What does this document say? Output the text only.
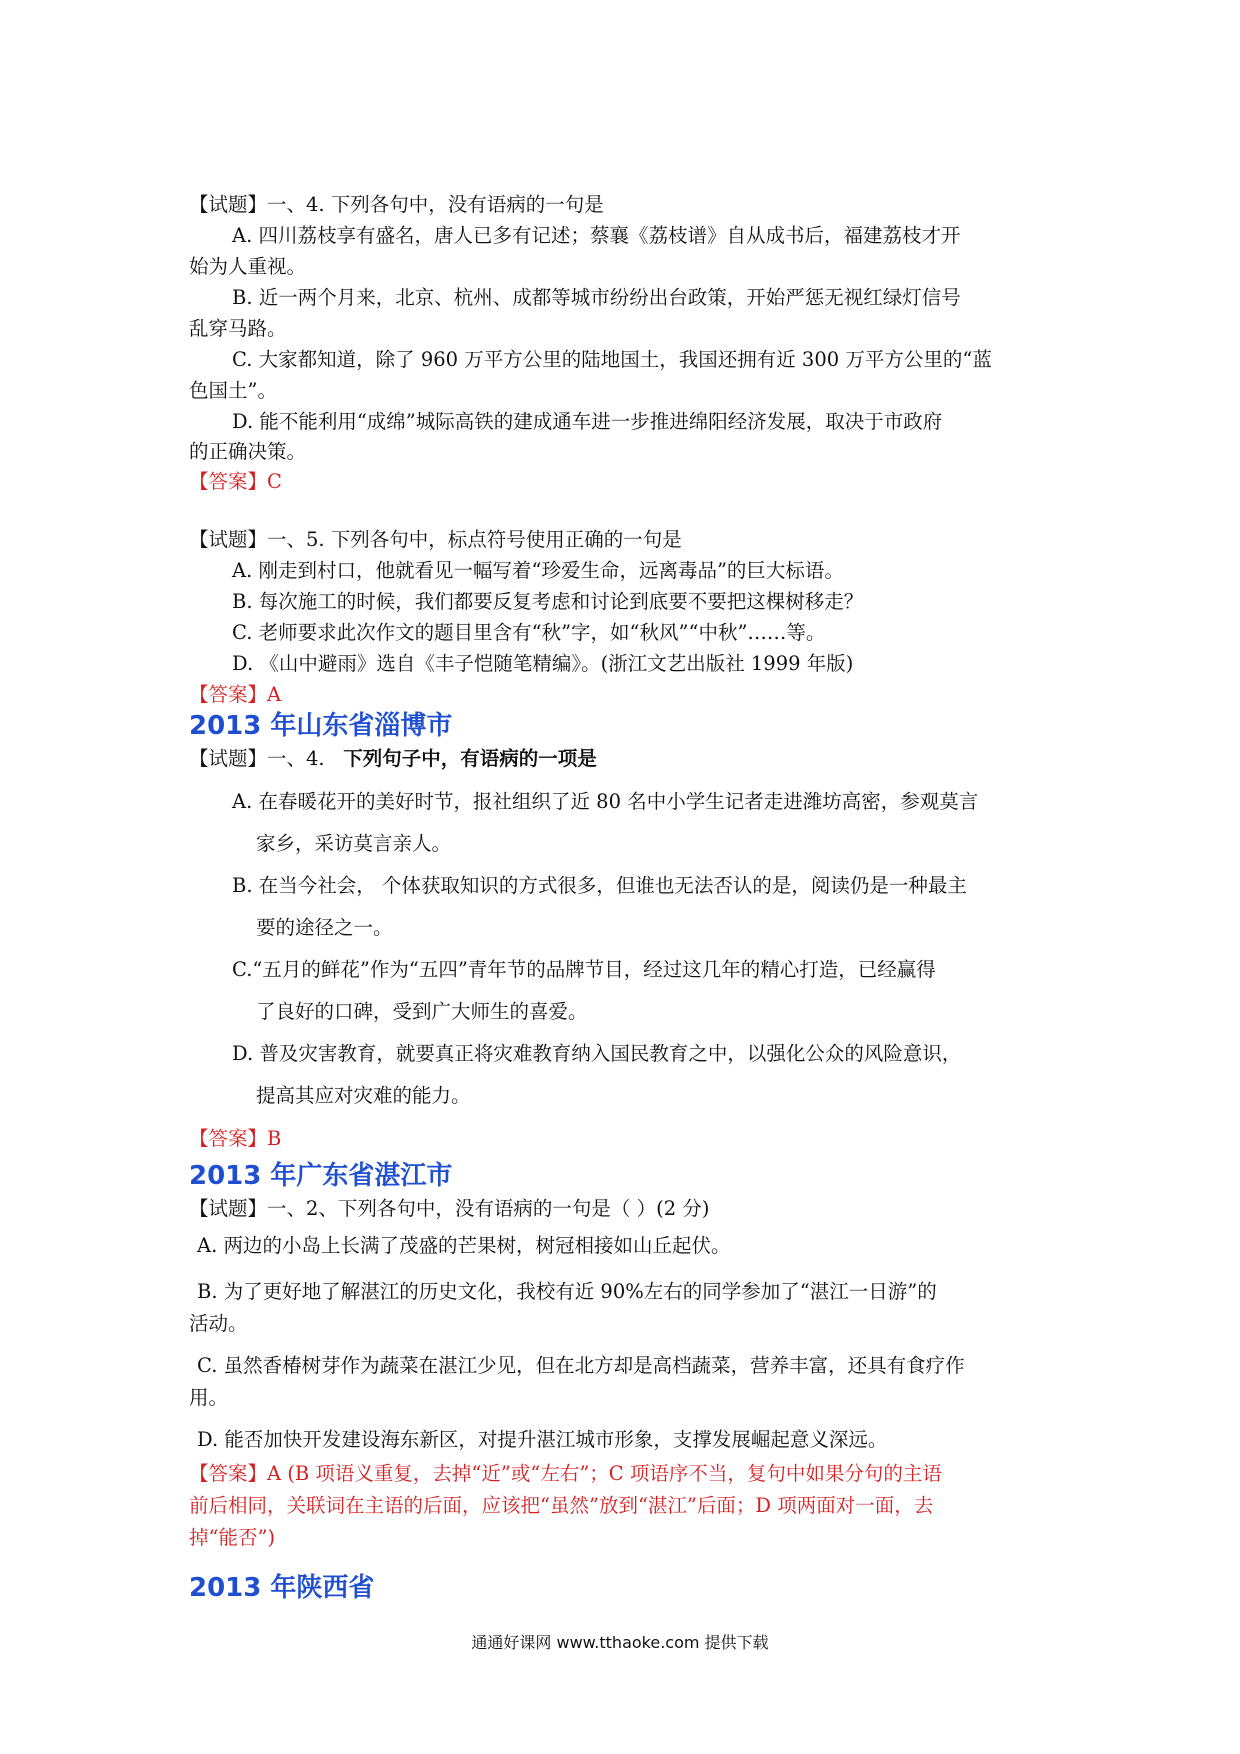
【试题】一、4. 下列各句中，没有语病的一句是
A. 四川荔枝享有盛名，唐人已多有记述；蔡襄《荔枝谱》自从成书后，福建荔枝才开
始为人重视。
B. 近一两个月来，北京、杭州、成都等城市纷纷出台政策，开始严惩无视红绿灯信号
乱穿马路。
C. 大家都知道，除了 960 万平方公里的陆地国土，我国还拥有近 300 万平方公里的“蓝
色国土”。
D. 能不能利用“成绵”城际高铁的建成通车进一步推进绵阳经济发展，取决于市政府
的正确决策。
【答案】C
【试题】一、5. 下列各句中，标点符号使用正确的一句是
A. 刚走到村口，他就看见一幅写着“珍爱生命，远离毒品”的巨大标语。
B. 每次施工的时候，我们都要反复考虑和讨论到底要不要把这棵树移走？
C. 老师要求此次作文的题目里含有“秋”字，如“秋风”“中秋”……等。
D. 《山中避雨》选自《丰子恺随笔精编》。(浙江文艺出版社 1999 年版)
【答案】A
2013 年山东省淄博市
【试题】一、4. 下列句子中，有语病的一项是
A. 在春暖花开的美好时节，报社组织了近 80 名中小学生记者走进潍坊高密，参观莫言
家乡，采访莫言亲人。
B. 在当今社会， 个体获取知识的方式很多，但谁也无法否认的是，阅读仍是一种最主
要的途径之一。
C.“五月的鲜花”作为“五四”青年节的品牌节目，经过这几年的精心打造，已经赢得
了良好的口碑，受到广大师生的喜爱。
D. 普及灾害教育，就要真正将灾难教育纳入国民教育之中，以强化公众的风险意识，
提高其应对灾难的能力。
【答案】B
2013 年广东省湛江市
【试题】一、2、下列各句中，没有语病的一句是（ ）(2 分)
A. 两边的小岛上长满了茂盛的芒果树，树冠相接如山丘起伏。
B. 为了更好地了解湛江的历史文化，我校有近 90%左右的同学参加了“湛江一日游”的
活动。
C. 虽然香椿树芽作为蔬菜在湛江少见，但在北方却是高档蔬菜，营养丰富，还具有食疗作
用。
D. 能否加快开发建设海东新区，对提升湛江城市形象，支撑发展崛起意义深远。
【答案】A (B 项语义重复，去掉“近”或“左右”；C 项语序不当，复句中如果分句的主语
前后相同，关联词在主语的后面，应该把“虽然”放到“湛江”后面；D 项两面对一面，去
掉“能否”)
2013 年陕西省
通通好课网 www.tthaoke.com 提供下载
